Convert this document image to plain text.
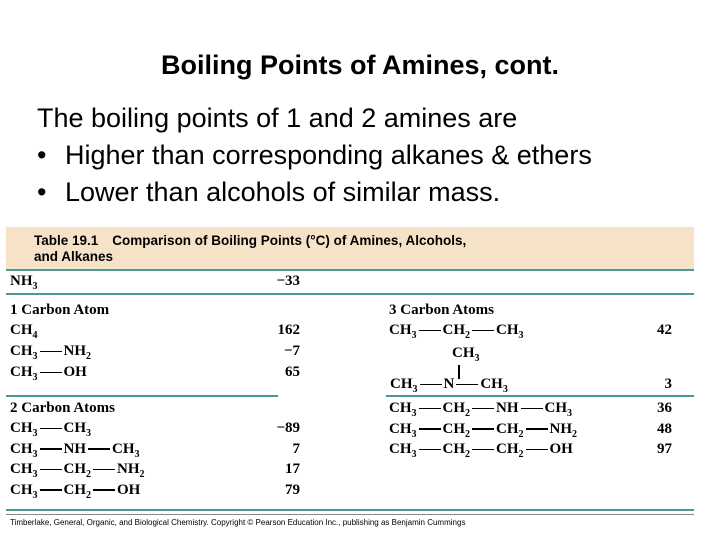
Boiling Points of Amines, cont.
The boiling points of 1 and 2 amines are
• Higher than corresponding alkanes & ethers
• Lower than alcohols of similar mass.
Table 19.1 Comparison of Boiling Points (°C) of Amines, Alcohols,
and Alkanes
$NH_3$	−33
1 Carbon Atom
$CH_4$	162
$CH_3$ $NH_2$	−7
$CH_3$ OH	65
3 Carbon Atoms
$CH_3$ $CH_2$ $CH_3$	42
$CH_3$ $CH_2$ NH $CH_3$	36
$CH_3$ $CH_2$ $CH_2$ $NH_2$	48
$CH_3$ $CH_2$ $CH_2$ OH	97
$CH_3$
$CH_3$ N $CH_3$	3
2 Carbon Atoms
$CH_3$ $CH_3$	−89
$CH_3$ NH $CH_3$	7
$CH_3$ $CH_2$ $NH_2$	17
$CH_3$ $CH_2$ OH	79
Timberlake, General, Organic, and Biological Chemistry. Copyright © Pearson Education Inc., publishing as Benjamin Cummings
